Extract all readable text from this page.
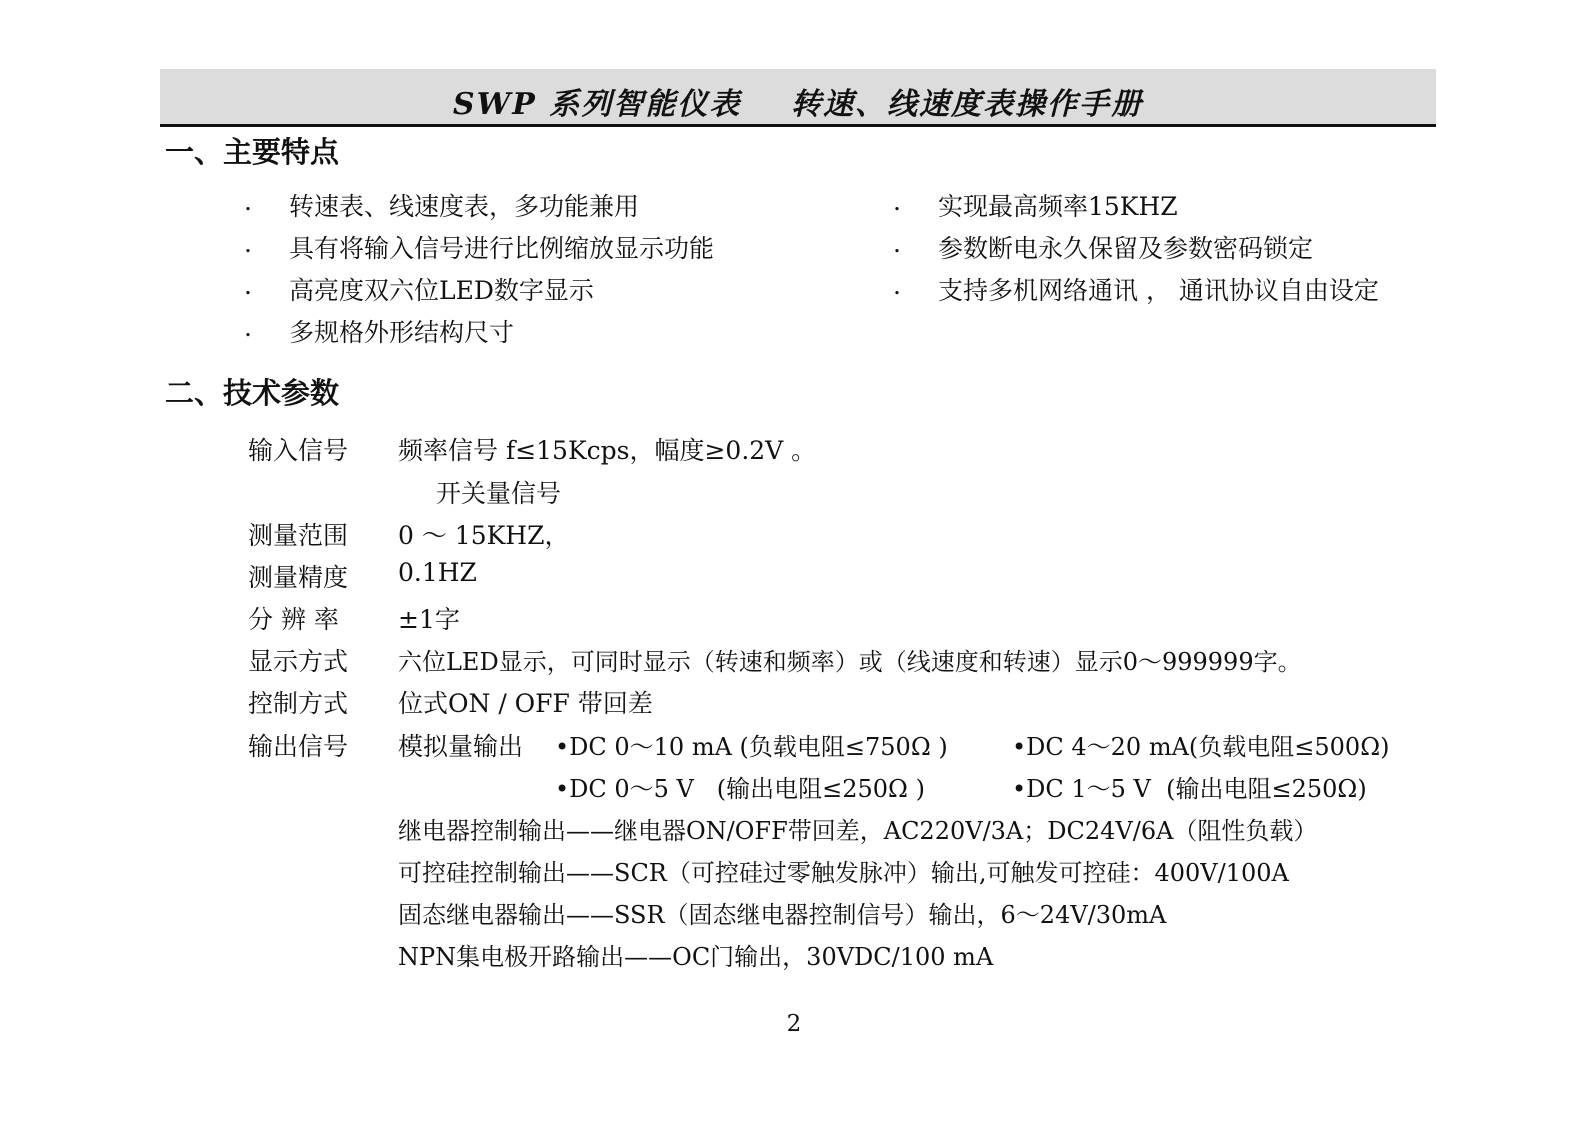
SWP 系列智能仪表    转速、线速度表操作手册
一、主要特点
.	转速表、线速度表，多功能兼用
.	具有将输入信号进行比例缩放显示功能
.	高亮度双六位LED数字显示
.	多规格外形结构尺寸
.	实现最高频率15KHZ
.	参数断电永久保留及参数密码锁定
.	支持多机网络通讯 ， 通讯协议自由设定
二、技术参数
输入信号 频率信号 f≤15Kcps，幅度≥0.2V 。
开关量信号
测量范围 0 ～ 15KHZ，
测量精度 0.1HZ
分 辨 率 ±1字
显示方式 六位LED显示，可同时显示（转速和频率）或（线速度和转速）显示0～999999字。
控制方式 位式ON / OFF 带回差
输出信号 模拟量输出 •DC 0～10 mA (负载电阻≤750Ω )	•DC 4～20 mA(负载电阻≤500Ω)
•DC 0～5 V   (输出电阻≤250Ω )	•DC 1～5 V  (输出电阻≤250Ω)
继电器控制输出——继电器ON/OFF带回差，AC220V/3A；DC24V/6A（阻性负载）
可控硅控制输出——SCR（可控硅过零触发脉冲）输出,可触发可控硅：400V/100A
固态继电器输出——SSR（固态继电器控制信号）输出，6～24V/30mA
NPN集电极开路输出——OC门输出，30VDC/100 mA
2
